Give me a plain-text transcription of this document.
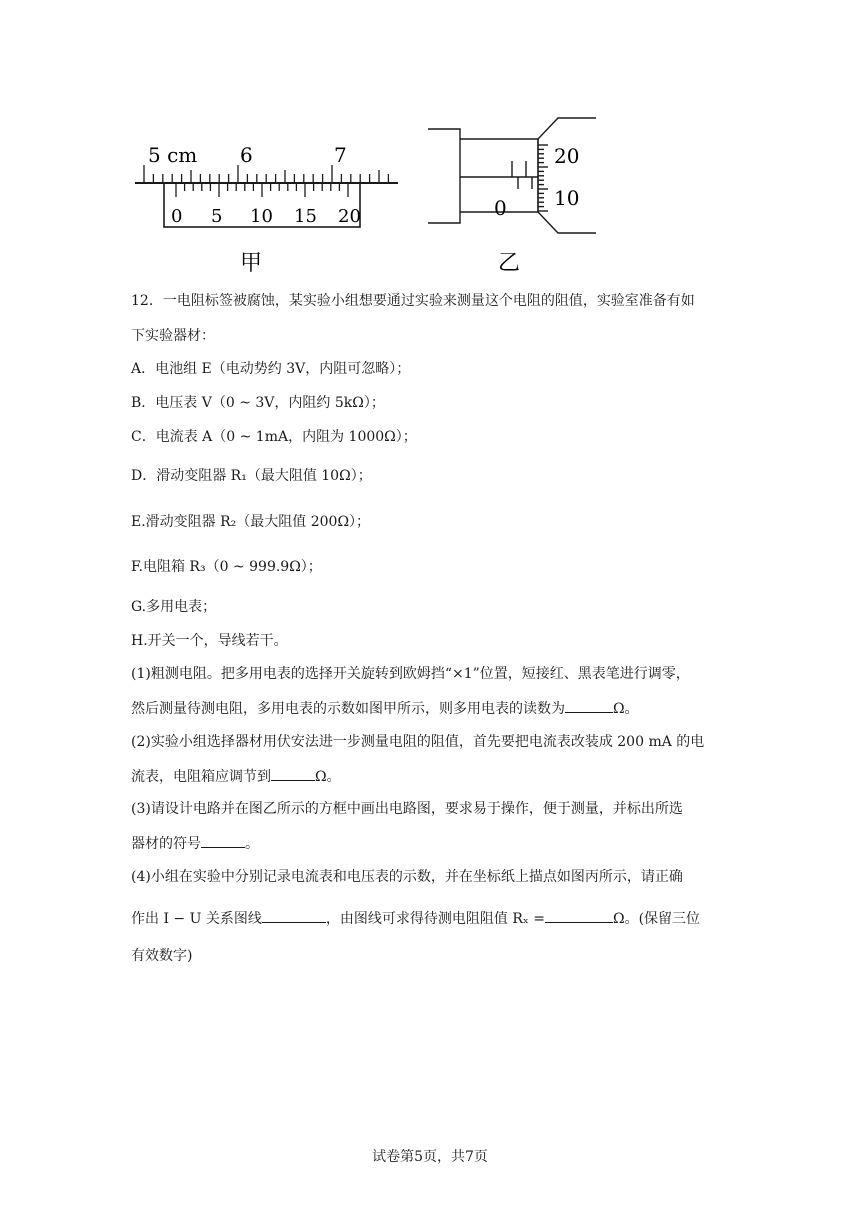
5 cm 6	7
0 5 10 15 20
甲
20
10
0
乙
12．一电阻标签被腐蚀，某实验小组想要通过实验来测量这个电阻的阻值，实验室准备有如
下实验器材：
A．电池组 E（电动势约 3V，内阻可忽略）；
B．电压表 V（0 ~ 3V，内阻约 5kΩ）；
C．电流表 A（0 ~ 1mA，内阻为 1000Ω）；
D．滑动变阻器 R₁（最大阻值 10Ω）；
E.滑动变阻器 R₂（最大阻值 200Ω）；
F.电阻箱 R₃（0 ~ 999.9Ω）；
G.多用电表；
H.开关一个，导线若干。
(1)粗测电阻。把多用电表的选择开关旋转到欧姆挡“×1”位置，短接红、黑表笔进行调零，
然后测量待测电阻，多用电表的示数如图甲所示，则多用电表的读数为	Ω。
(2)实验小组选择器材用伏安法进一步测量电阻的阻值，首先要把电流表改装成 200 mA 的电
流表，电阻箱应调节到	Ω。
(3)请设计电路并在图乙所示的方框中画出电路图，要求易于操作，便于测量，并标出所选
器材的符号	。
(4)小组在实验中分别记录电流表和电压表的示数，并在坐标纸上描点如图丙所示，请正确
作出 I − U 关系图线	，由图线可求得待测电阻阻值 Rₓ =	Ω。(保留三位
有效数字)
试卷第5页，共7页
